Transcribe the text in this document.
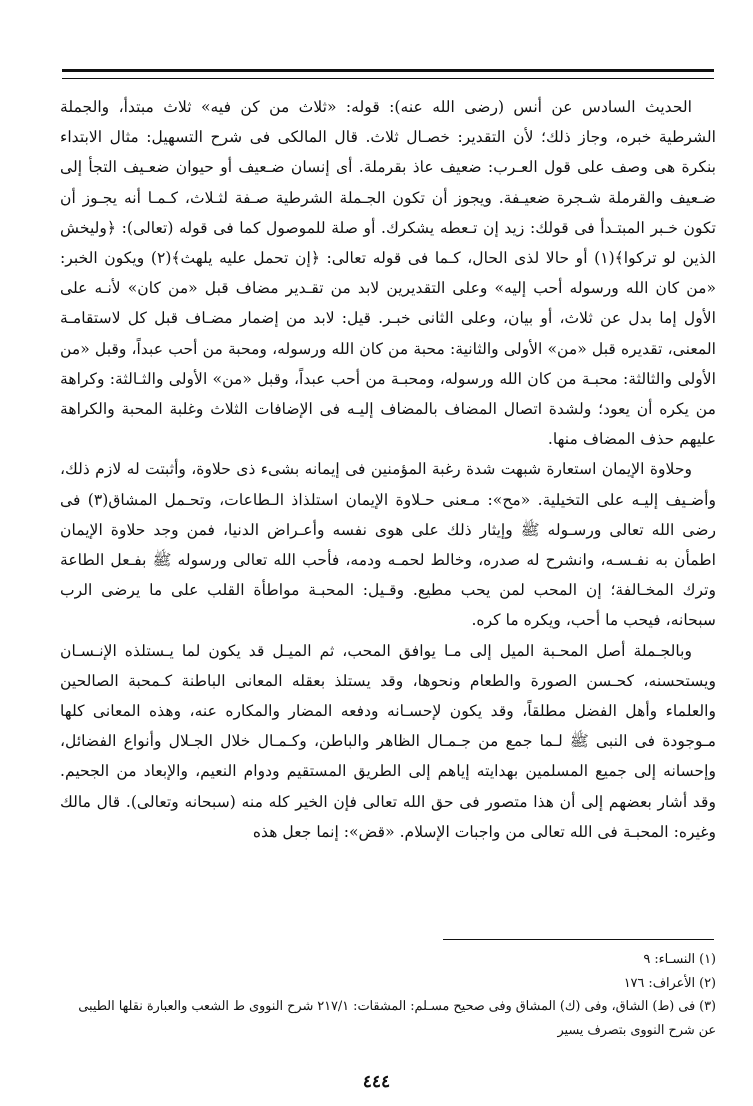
الحديث السادس عن أنس (رضى الله عنه): قوله: «ثلاث من كن فيه» ثلاث مبتدأ، والجملة الشرطية خبره، وجاز ذلك؛ لأن التقدير: خصـال ثلاث. قال المالكى فى شرح التسهيل: مثال الابتداء بنكرة هى وصف على قول العـرب: ضعيف عاذ بقرملة. أى إنسان ضـعيف أو حيوان ضعـيف التجأ إلى ضـعيف والقرملة شـجرة ضعيـفة. ويجوز أن تكون الجـملة الشرطية صـفة لثـلاث، كـمـا أنه يجـوز أن تكون خـبر المبتـدأ فى قولك: زيد إن تـعطه يشكرك. أو صلة للموصول كما فى قوله (تعالى): ﴿وليخش الذين لو تركوا﴾(١) أو حالا لذى الحال، كـما فى قوله تعالى: ﴿إن تحمل عليه يلهث﴾(٢) ويكون الخبر: «من كان الله ورسوله أحب إليه» وعلى التقديرين لابد من تقـدير مضاف قبل «من كان» لأنـه على الأول إما بدل عن ثلاث، أو بيان، وعلى الثانى خبـر. قيل: لابد من إضمار مضـاف قبل كل لاستقامـة المعنى، تقديره قبل «من» الأولى والثانية: محبة من كان الله ورسوله، ومحبة من أحب عبداً، وقبل «من الأولى والثالثة: محبـة من كان الله ورسوله، ومحبـة من أحب عبداً، وقبل «من» الأولى والثـالثة: وكراهة من يكره أن يعود؛ ولشدة اتصال المضاف بالمضاف إليـه فى الإضافات الثلاث وغلبة المحبة والكراهة عليهم حذف المضاف منها.

وحلاوة الإيمان استعارة شبهت شدة رغبة المؤمنين فى إيمانه بشىء ذى حلاوة، وأثبتت له لازم ذلك، وأضـيف إليـه على التخيلية. «مح»: مـعنى حـلاوة الإيمان استلذاذ الـطاعات، وتحـمل المشاق(٣) فى رضى الله تعالى ورسـوله ﷺ وإيثار ذلك على هوى نفسه وأعـراض الدنيا، فمن وجد حلاوة الإيمان اطمأن به نفـسـه، وانشرح له صدره، وخالط لحمـه ودمه، فأحب الله تعالى ورسوله ﷺ بفـعل الطاعة وترك المخـالفة؛ إن المحب لمن يحب مطيع. وقـيل: المحبـة مواطأة القلب على ما يرضى الرب سبحانه، فيحب ما أحب، ويكره ما كره.

وبالجـملة أصل المحـبة الميل إلى مـا يوافق المحب، ثم الميـل قد يكون لما يـستلذه الإنـسـان ويستحسنه، كحـسن الصورة والطعام ونحوها، وقد يستلذ بعقله المعانى الباطنة كـمحبة الصالحين والعلماء وأهل الفضل مطلقاً، وقد يكون لإحسـانه ودفعه المضار والمكاره عنه، وهذه المعانى كلها مـوجودة فى النبى ﷺ لـما جمع من جـمـال الظاهر والباطن، وكـمـال خلال الجـلال وأنواع الفضائل، وإحسانه إلى جميع المسلمين بهدايته إياهم إلى الطريق المستقيم ودوام النعيم، والإبعاد من الجحيم. وقد أشار بعضهم إلى أن هذا متصور فى حق الله تعالى فإن الخير كله منه (سبحانه وتعالى). قال مالك وغيره: المحبـة فى الله تعالى من واجبات الإسلام. «قض»: إنما جعل هذه

(١) النسـاء: ٩

(٢) الأعراف: ١٧٦

(٣) فى (ط) الشاق، وفى (ك) المشاق وفى صحيح مسـلم: المشقات: ٢١٧/١ شرح النووى ط الشعب والعبارة نقلها الطيبى عن شرح النووى بتصرف يسير

٤٤٤
